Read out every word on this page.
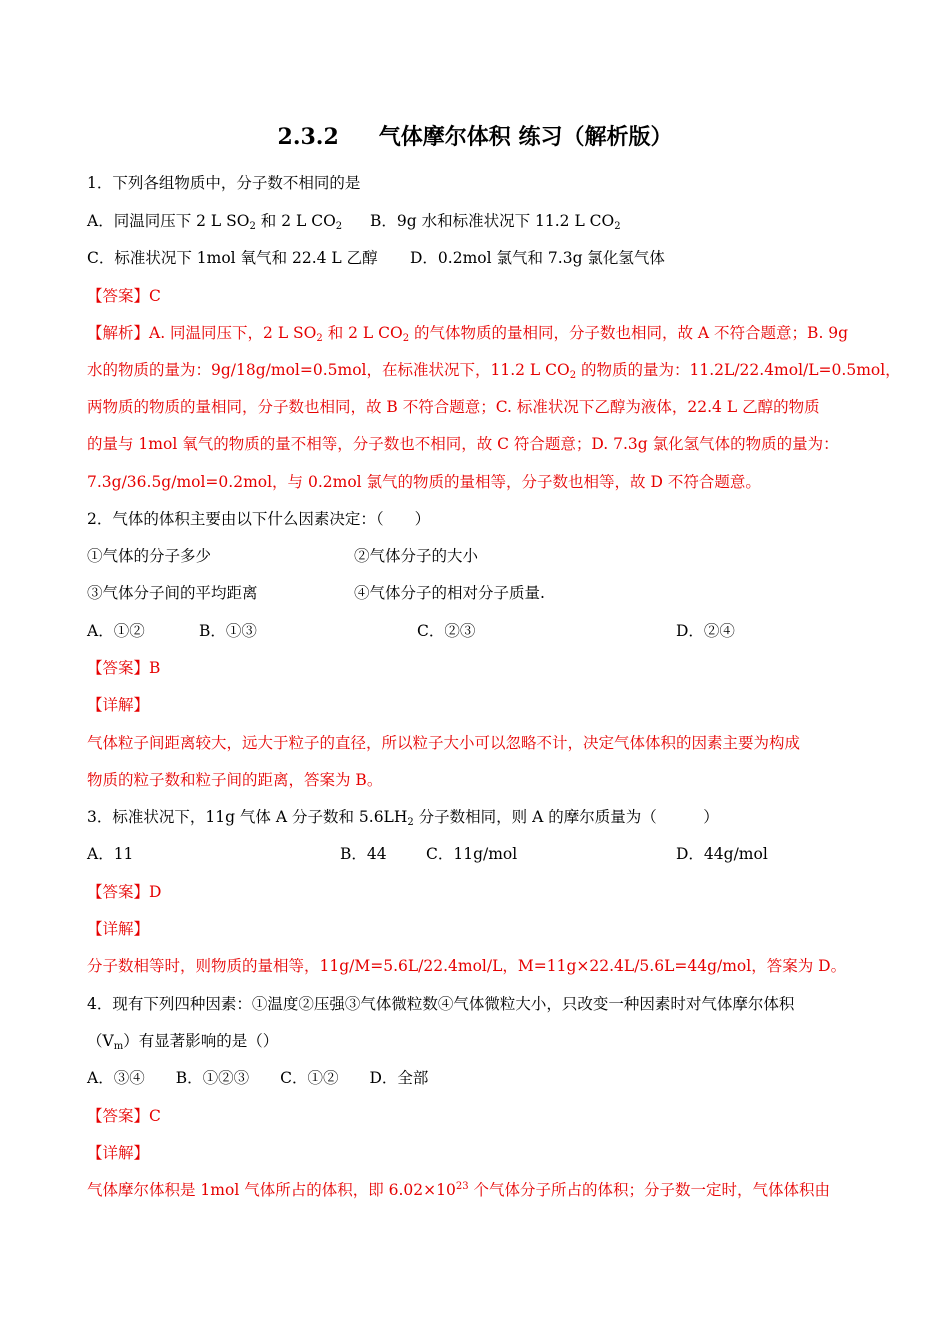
2.3.2 气体摩尔体积 练习（解析版）
1．下列各组物质中，分子数不相同的是
A．同温同压下 2 L $SO_2$ 和 2 L $CO_2$ B．9g 水和标准状况下 11.2 L $CO_2$
C．标准状况下 1mol 氧气和 22.4 L 乙醇 D．0.2mol 氯气和 7.3g 氯化氢气体
【答案】C
【解析】A. 同温同压下，2 L $SO_2$ 和 2 L $CO_2$ 的气体物质的量相同，分子数也相同，故 A 不符合题意；B. 9g
水的物质的量为：9g/18g/mol=0.5mol，在标准状况下，11.2 L $CO_2$ 的物质的量为：11.2L/22.4mol/L=0.5mol，
两物质的物质的量相同，分子数也相同，故 B 不符合题意；C. 标准状况下乙醇为液体，22.4 L 乙醇的物质
的量与 1mol 氧气的物质的量不相等，分子数也不相同，故 C 符合题意；D. 7.3g 氯化氢气体的物质的量为：
7.3g/36.5g/mol=0.2mol，与 0.2mol 氯气的物质的量相等，分子数也相等，故 D 不符合题意。
2．气体的体积主要由以下什么因素决定：（　　）
①气体的分子多少	②气体分子的大小
③气体分子间的平均距离	④气体分子的相对分子质量.
A．①②	B．①③	C．②③	D．②④
【答案】B
【详解】
气体粒子间距离较大，远大于粒子的直径，所以粒子大小可以忽略不计，决定气体体积的因素主要为构成
物质的粒子数和粒子间的距离，答案为 B。
3．标准状况下，11g 气体 A 分子数和 $5.6LH_2$ 分子数相同，则 A 的摩尔质量为（　　　）
A．11	B．44	C．11g/mol	D．44g/mol
【答案】D
【详解】
分子数相等时，则物质的量相等，11g/M=5.6L/22.4mol/L，M=11g×22.4L/5.6L=44g/mol，答案为 D。
4．现有下列四种因素：①温度②压强③气体微粒数④气体微粒大小，只改变一种因素时对气体摩尔体积
$(V_m)$有显著影响的是（）
A．③④　　B．①②③　　C．①②　　D．全部
【答案】C
【详解】
气体摩尔体积是 1mol 气体所占的体积，即 $6.02\times 10^{23}$ 个气体分子所占的体积；分子数一定时，气体体积由
